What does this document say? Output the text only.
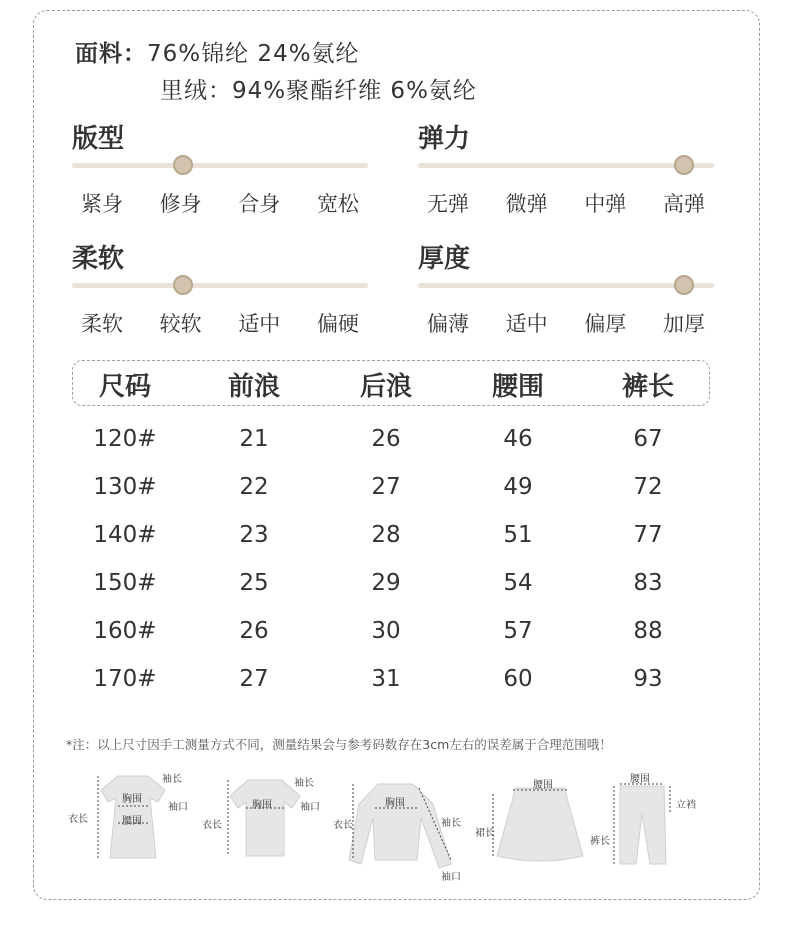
面料：76%锦纶 24%氨纶
里绒：94%聚酯纤维 6%氨纶
版型
紧身	修身	合身	宽松
弹力
无弹	微弹	中弹	高弹
柔软
柔软	较软	适中	偏硬
厚度
偏薄	适中	偏厚	加厚
尺码	前浪	后浪	腰围	裤长
120#	21	26	46	67
130#	22	27	49	72
140#	23	28	51	77
150#	25	29	54	83
160#	26	30	57	88
170#	27	31	60	93
*注：以上尺寸因手工测量方式不同，测量结果会与参考码数存在3cm左右的误差属于合理范围哦！
袖长
胸围
袖口
衣长	腰围
袖长
胸围	袖口
衣长
胸围
衣长	袖长
袖口
腰围
裙长
腰围
立裆
裤长
